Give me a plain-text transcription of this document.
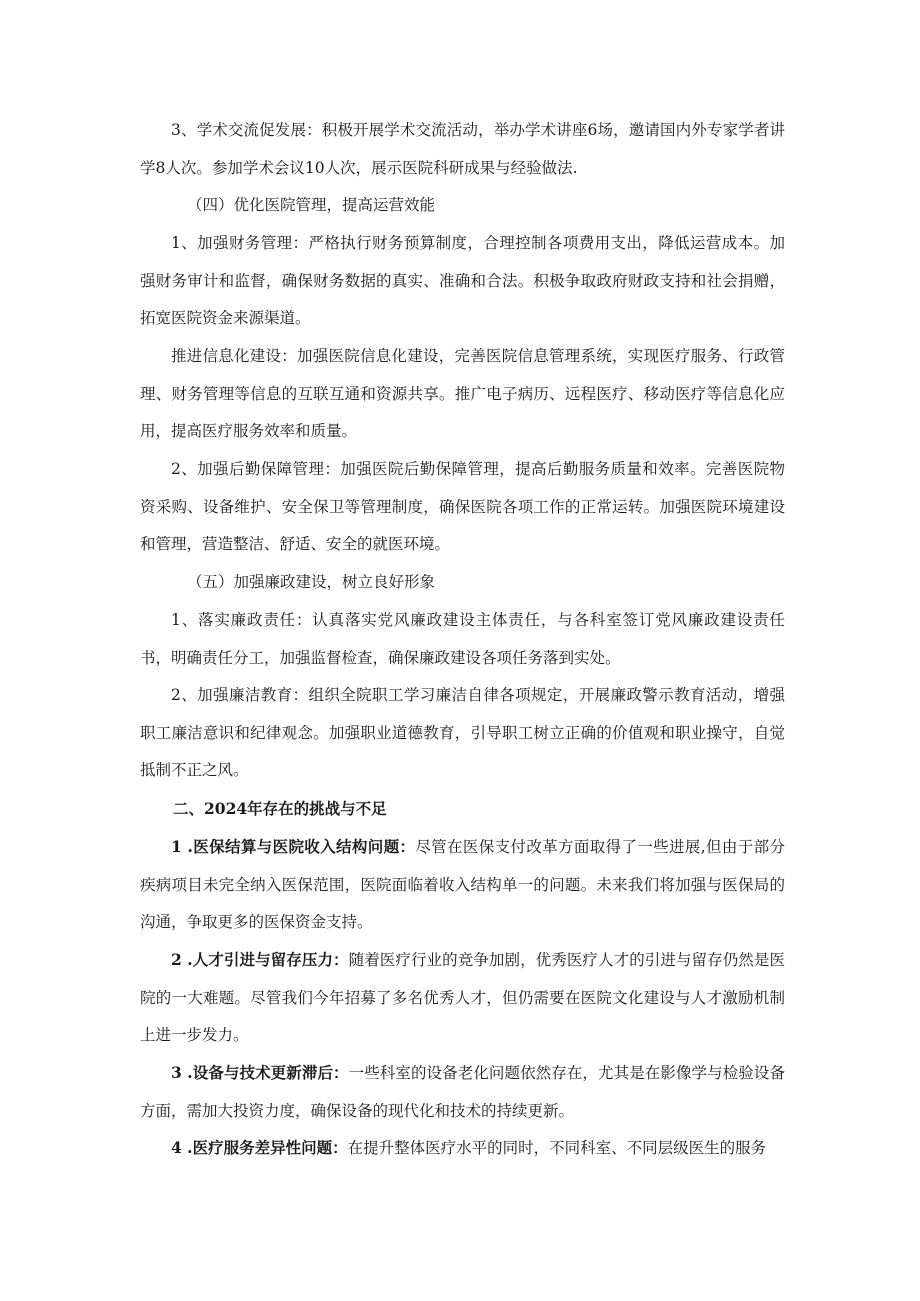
3、学术交流促发展：积极开展学术交流活动，举办学术讲座6场，邀请国内外专家学者讲学8人次。参加学术会议10人次，展示医院科研成果与经验做法.

（四）优化医院管理，提高运营效能

1、加强财务管理：严格执行财务预算制度，合理控制各项费用支出，降低运营成本。加强财务审计和监督，确保财务数据的真实、准确和合法。积极争取政府财政支持和社会捐赠，拓宽医院资金来源渠道。

推进信息化建设：加强医院信息化建设，完善医院信息管理系统，实现医疗服务、行政管理、财务管理等信息的互联互通和资源共享。推广电子病历、远程医疗、移动医疗等信息化应用，提高医疗服务效率和质量。

2、加强后勤保障管理：加强医院后勤保障管理，提高后勤服务质量和效率。完善医院物资采购、设备维护、安全保卫等管理制度，确保医院各项工作的正常运转。加强医院环境建设和管理，营造整洁、舒适、安全的就医环境。

（五）加强廉政建设，树立良好形象

1、落实廉政责任：认真落实党风廉政建设主体责任，与各科室签订党风廉政建设责任书，明确责任分工，加强监督检查，确保廉政建设各项任务落到实处。

2、加强廉洁教育：组织全院职工学习廉洁自律各项规定，开展廉政警示教育活动，增强职工廉洁意识和纪律观念。加强职业道德教育，引导职工树立正确的价值观和职业操守，自觉抵制不正之风。

二、2024年存在的挑战与不足

1 .医保结算与医院收入结构问题：尽管在医保支付改革方面取得了一些进展,但由于部分疾病项目未完全纳入医保范围，医院面临着收入结构单一的问题。未来我们将加强与医保局的沟通，争取更多的医保资金支持。

2 .人才引进与留存压力：随着医疗行业的竞争加剧，优秀医疗人才的引进与留存仍然是医院的一大难题。尽管我们今年招募了多名优秀人才，但仍需要在医院文化建设与人才激励机制上进一步发力。

3 .设备与技术更新滞后：一些科室的设备老化问题依然存在，尤其是在影像学与检验设备方面，需加大投资力度，确保设备的现代化和技术的持续更新。

4 .医疗服务差异性问题：在提升整体医疗水平的同时，不同科室、不同层级医生的服务
